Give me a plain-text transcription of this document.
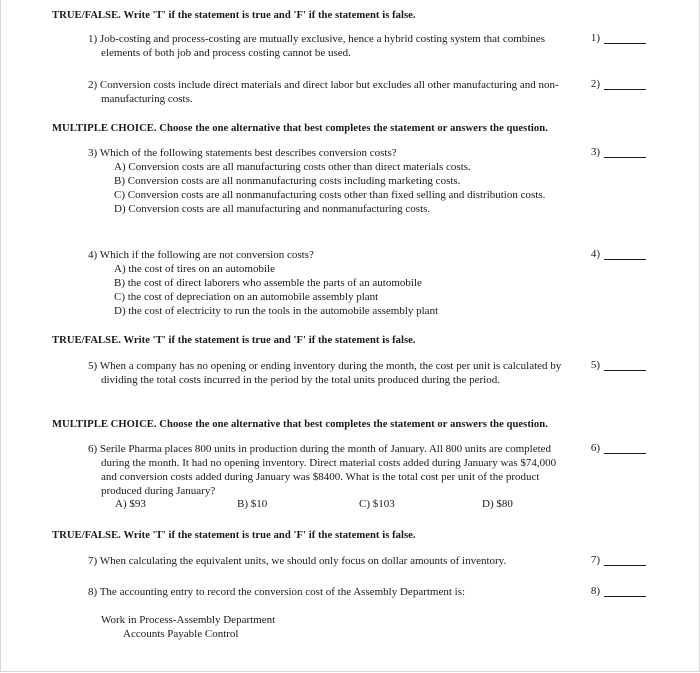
TRUE/FALSE. Write 'T' if the statement is true and 'F' if the statement is false.
1) Job-costing and process-costing are mutually exclusive, hence a hybrid costing system that combines elements of both job and process costing cannot be used.
1)
2) Conversion costs include direct materials and direct labor but excludes all other manufacturing and non-manufacturing costs.
2)
MULTIPLE CHOICE. Choose the one alternative that best completes the statement or answers the question.
3) Which of the following statements best describes conversion costs?
A) Conversion costs are all manufacturing costs other than direct materials costs.
B) Conversion costs are all nonmanufacturing costs including marketing costs.
C) Conversion costs are all nonmanufacturing costs other than fixed selling and distribution costs.
D) Conversion costs are all manufacturing and nonmanufacturing costs.
3)
4) Which if the following are not conversion costs?
A) the cost of tires on an automobile
B) the cost of direct laborers who assemble the parts of an automobile
C) the cost of depreciation on an automobile assembly plant
D) the cost of electricity to run the tools in the automobile assembly plant
4)
TRUE/FALSE. Write 'T' if the statement is true and 'F' if the statement is false.
5) When a company has no opening or ending inventory during the month, the cost per unit is calculated by dividing the total costs incurred in the period by the total units produced during the period.
5)
MULTIPLE CHOICE. Choose the one alternative that best completes the statement or answers the question.
6) Serile Pharma places 800 units in production during the month of January. All 800 units are completed during the month. It had no opening inventory. Direct material costs added during January was $74,000 and conversion costs added during January was $8400. What is the total cost per unit of the product produced during January?
6)
A) $93	B) $10	C) $103	D) $80
TRUE/FALSE. Write 'T' if the statement is true and 'F' if the statement is false.
7) When calculating the equivalent units, we should only focus on dollar amounts of inventory.	7)
8) The accounting entry to record the conversion cost of the Assembly Department is:	8)
Work in Process-Assembly Department
Accounts Payable Control
